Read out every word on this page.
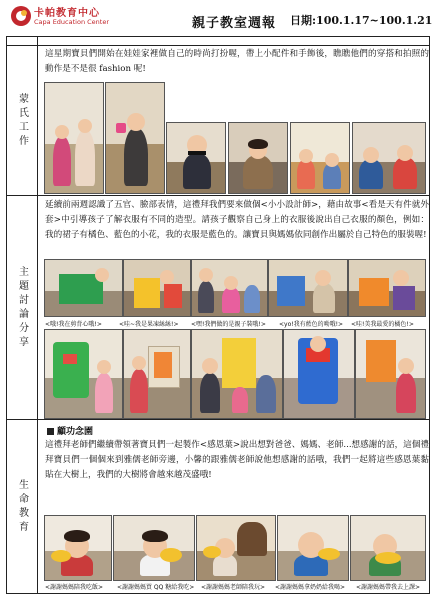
卡帕教育中心
Capa Education Center	親子教室週報 日期:100.1.17~100.1.21
蒙氏工作
這星期寶貝們開始在娃娃家裡做自己的時尚打扮喔，帶上小配件和手飾後，瞧瞧他們的穿搭和拍照的動作是不是很 fashion 呢!
主題討論分享
延續前兩週認識了五官、臉部表情，這禮拜我們要來做個<小小設計師>，藉由故事<看是天有件就外套>中引導孩子了解衣服有不同的造型。請孩子觀察自己身上的衣服後說出自己衣服的顏色，例如：我的裙子有橘色、藍色的小花，我的衣服是藍色的。讓寶貝與媽媽依同創作出屬於自己特色的服裝喔!
<哦!我在剪背心哦!>	<哇~我是果凍絲絲!> <嘿!我們做的是親子裝哦!> <yo!我有藍色的呦哦!> <哇!美我最愛的橘色!>
生命教育
顧功念園
這禮拜老師們繼續帶領著寶貝們一起製作<感恩葉>說出想對爸爸、媽媽、老師...想感謝的話，這個禮拜寶貝們一個個來到雅儒老師旁邊，小馨的跟雅儒老師說他想感謝的話哦，我們一起將這些感恩葉黏貼在大樹上，我們的大樹將會越來越茂盛哦!
<謝謝媽媽陪我吃飯> <謝謝媽媽買 QQ 糖給我吃> <謝謝媽媽老師陪我玩> <謝謝媽媽拿奶奶給我喝> <謝謝媽媽帶我去上課>
